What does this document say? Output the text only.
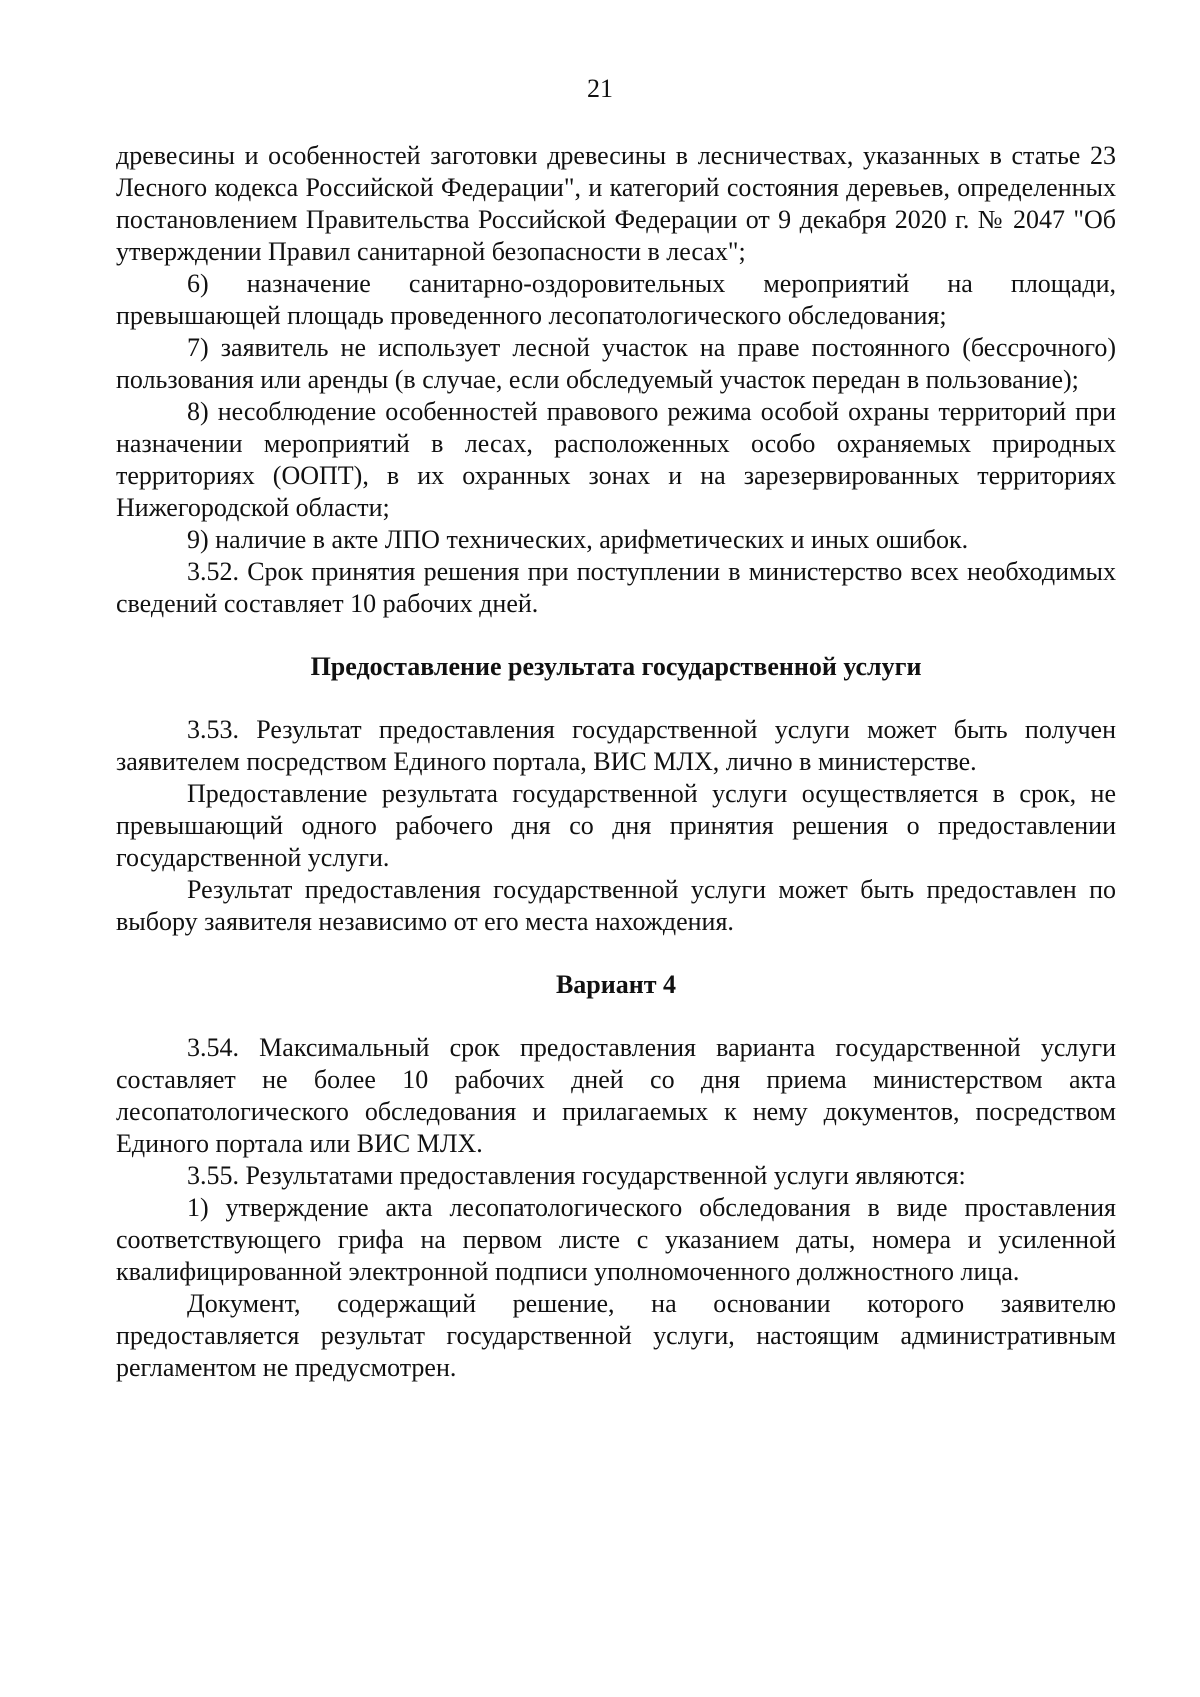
21

древесины и особенностей заготовки древесины в лесничествах, указанных в статье 23 Лесного кодекса Российской Федерации", и категорий состояния деревьев, определенных постановлением Правительства Российской Федерации от 9 декабря 2020 г. № 2047 "Об утверждении Правил санитарной безопасности в лесах";

6) назначение санитарно-оздоровительных мероприятий на площади, превышающей площадь проведенного лесопатологического обследования;

7) заявитель не использует лесной участок на праве постоянного (бессрочного) пользования или аренды (в случае, если обследуемый участок передан в пользование);

8) несоблюдение особенностей правового режима особой охраны территорий при назначении мероприятий в лесах, расположенных особо охраняемых природных территориях (ООПТ), в их охранных зонах и на зарезервированных территориях Нижегородской области;

9) наличие в акте ЛПО технических, арифметических и иных ошибок.

3.52. Срок принятия решения при поступлении в министерство всех необходимых сведений составляет 10 рабочих дней.

Предоставление результата государственной услуги

3.53. Результат предоставления государственной услуги может быть получен заявителем посредством Единого портала, ВИС МЛХ, лично в министерстве.

Предоставление результата государственной услуги осуществляется в срок, не превышающий одного рабочего дня со дня принятия решения о предоставлении государственной услуги.

Результат предоставления государственной услуги может быть предоставлен по выбору заявителя независимо от его места нахождения.

Вариант 4

3.54. Максимальный срок предоставления варианта государственной услуги составляет не более 10 рабочих дней со дня приема министерством акта лесопатологического обследования и прилагаемых к нему документов, посредством Единого портала или ВИС МЛХ.

3.55. Результатами предоставления государственной услуги являются:

1) утверждение акта лесопатологического обследования в виде проставления соответствующего грифа на первом листе с указанием даты, номера и усиленной квалифицированной электронной подписи уполномоченного должностного лица.

Документ, содержащий решение, на основании которого заявителю предоставляется результат государственной услуги, настоящим административным регламентом не предусмотрен.
